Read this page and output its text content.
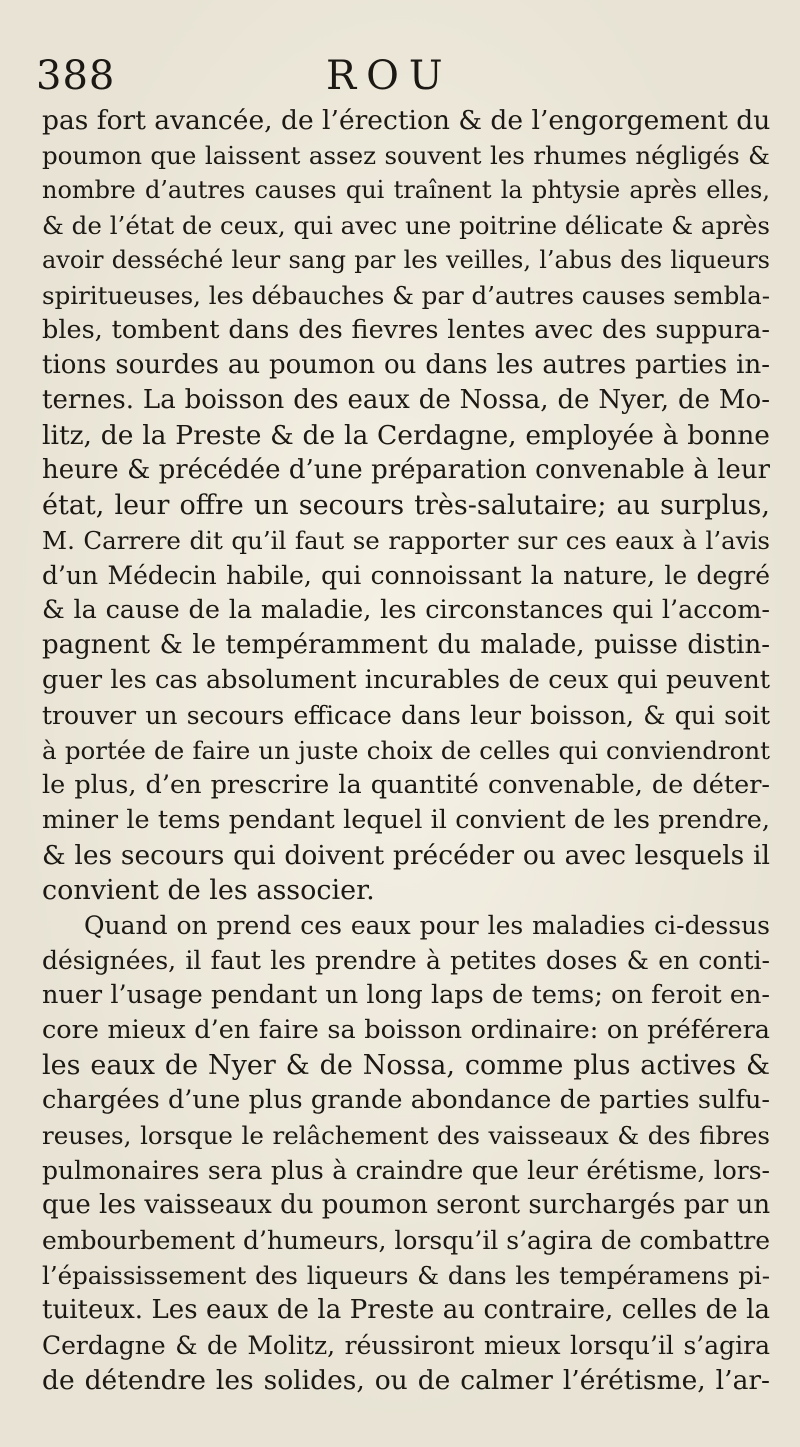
388	ROU
pas fort avancée, de l’érection & de l’engorgement du
poumon que laissent assez souvent les rhumes négligés &
nombre d’autres causes qui traînent la phtysie après elles,
& de l’état de ceux, qui avec une poitrine délicate & après
avoir desséché leur sang par les veilles, l’abus des liqueurs
spiritueuses, les débauches & par d’autres causes sembla-
bles, tombent dans des fievres lentes avec des suppura-
tions sourdes au poumon ou dans les autres parties in-
ternes. La boisson des eaux de Nossa, de Nyer, de Mo-
litz, de la Preste & de la Cerdagne, employée à bonne
heure & précédée d’une préparation convenable à leur
état, leur offre un secours très-salutaire; au surplus,
M. Carrere dit qu’il faut se rapporter sur ces eaux à l’avis
d’un Médecin habile, qui connoissant la nature, le degré
& la cause de la maladie, les circonstances qui l’accom-
pagnent & le tempéramment du malade, puisse distin-
guer les cas absolument incurables de ceux qui peuvent
trouver un secours efficace dans leur boisson, & qui soit
à portée de faire un juste choix de celles qui conviendront
le plus, d’en prescrire la quantité convenable, de déter-
miner le tems pendant lequel il convient de les prendre,
& les secours qui doivent précéder ou avec lesquels il
convient de les associer.
Quand on prend ces eaux pour les maladies ci-dessus
désignées, il faut les prendre à petites doses & en conti-
nuer l’usage pendant un long laps de tems; on feroit en-
core mieux d’en faire sa boisson ordinaire: on préférera
les eaux de Nyer & de Nossa, comme plus actives &
chargées d’une plus grande abondance de parties sulfu-
reuses, lorsque le relâchement des vaisseaux & des fibres
pulmonaires sera plus à craindre que leur érétisme, lors-
que les vaisseaux du poumon seront surchargés par un
embourbement d’humeurs, lorsqu’il s’agira de combattre
l’épaississement des liqueurs & dans les tempéramens pi-
tuiteux. Les eaux de la Preste au contraire, celles de la
Cerdagne & de Molitz, réussiront mieux lorsqu’il s’agira
de détendre les solides, ou de calmer l’érétisme, l’ar-
